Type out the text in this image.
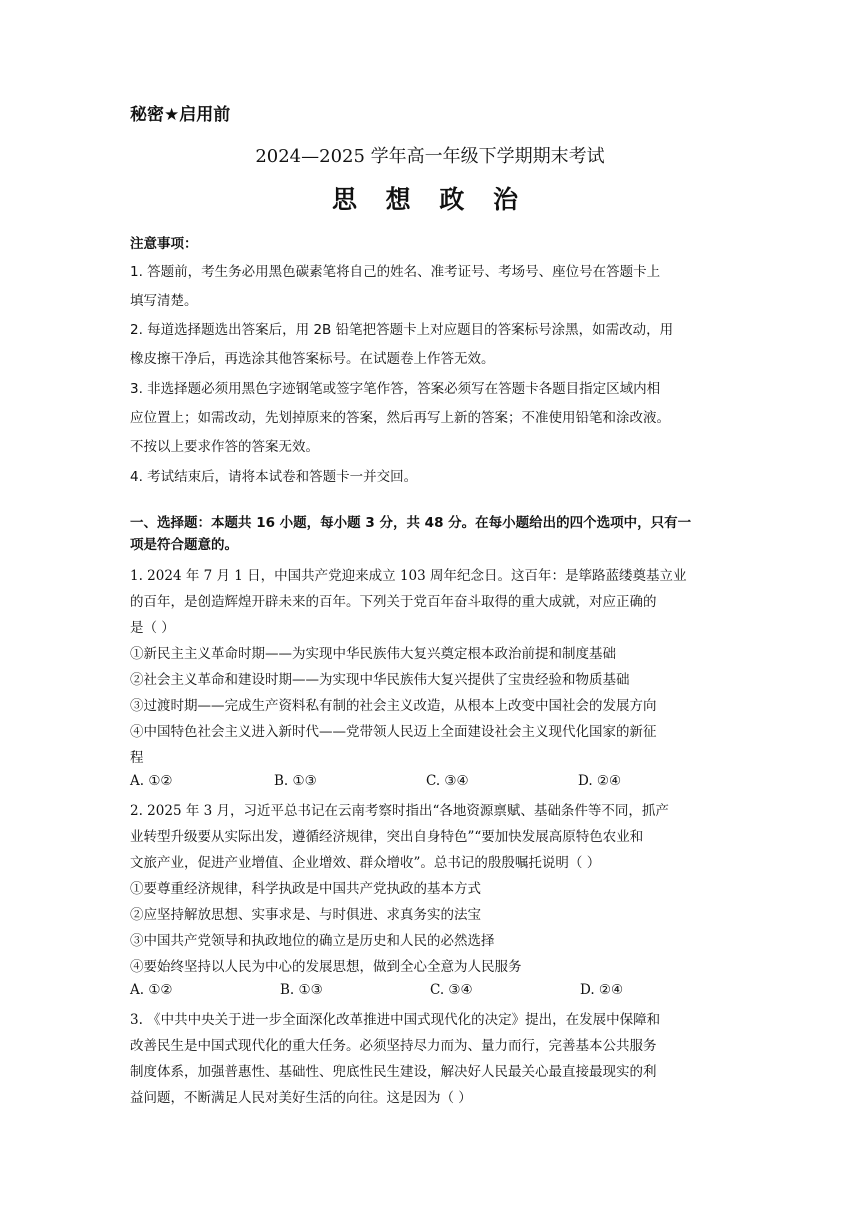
秘密★启用前
2024—2025 学年高一年级下学期期末考试
思 想 政 治
注意事项：
1. 答题前，考生务必用黑色碳素笔将自己的姓名、准考证号、考场号、座位号在答题卡上
填写清楚。
2. 每道选择题选出答案后，用 2B 铅笔把答题卡上对应题目的答案标号涂黑，如需改动，用
橡皮擦干净后，再选涂其他答案标号。在试题卷上作答无效。
3. 非选择题必须用黑色字迹钢笔或签字笔作答，答案必须写在答题卡各题目指定区域内相
应位置上；如需改动，先划掉原来的答案，然后再写上新的答案；不准使用铅笔和涂改液。
不按以上要求作答的答案无效。
4. 考试结束后，请将本试卷和答题卡一并交回。
一、选择题：本题共 16 小题，每小题 3 分，共 48 分。在每小题给出的四个选项中，只有一
项是符合题意的。
1. 2024 年 7 月 1 日，中国共产党迎来成立 103 周年纪念日。这百年：是筚路蓝缕奠基立业
的百年，是创造辉煌开辟未来的百年。下列关于党百年奋斗取得的重大成就，对应正确的
是（ ）
①新民主主义革命时期——为实现中华民族伟大复兴奠定根本政治前提和制度基础
②社会主义革命和建设时期——为实现中华民族伟大复兴提供了宝贵经验和物质基础
③过渡时期——完成生产资料私有制的社会主义改造，从根本上改变中国社会的发展方向
④中国特色社会主义进入新时代——党带领人民迈上全面建设社会主义现代化国家的新征
程
A. ①②	B. ①③	C. ③④	D. ②④
2. 2025 年 3 月，习近平总书记在云南考察时指出“各地资源禀赋、基础条件等不同，抓产
业转型升级要从实际出发，遵循经济规律，突出自身特色”“要加快发展高原特色农业和
文旅产业，促进产业增值、企业增效、群众增收”。总书记的殷殷嘱托说明（ ）
①要尊重经济规律，科学执政是中国共产党执政的基本方式
②应坚持解放思想、实事求是、与时俱进、求真务实的法宝
③中国共产党领导和执政地位的确立是历史和人民的必然选择
④要始终坚持以人民为中心的发展思想，做到全心全意为人民服务
A. ①②	B. ①③	C. ③④	D. ②④
3. 《中共中央关于进一步全面深化改革推进中国式现代化的决定》提出，在发展中保障和
改善民生是中国式现代化的重大任务。必须坚持尽力而为、量力而行，完善基本公共服务
制度体系，加强普惠性、基础性、兜底性民生建设，解决好人民最关心最直接最现实的利
益问题，不断满足人民对美好生活的向往。这是因为（ ）
